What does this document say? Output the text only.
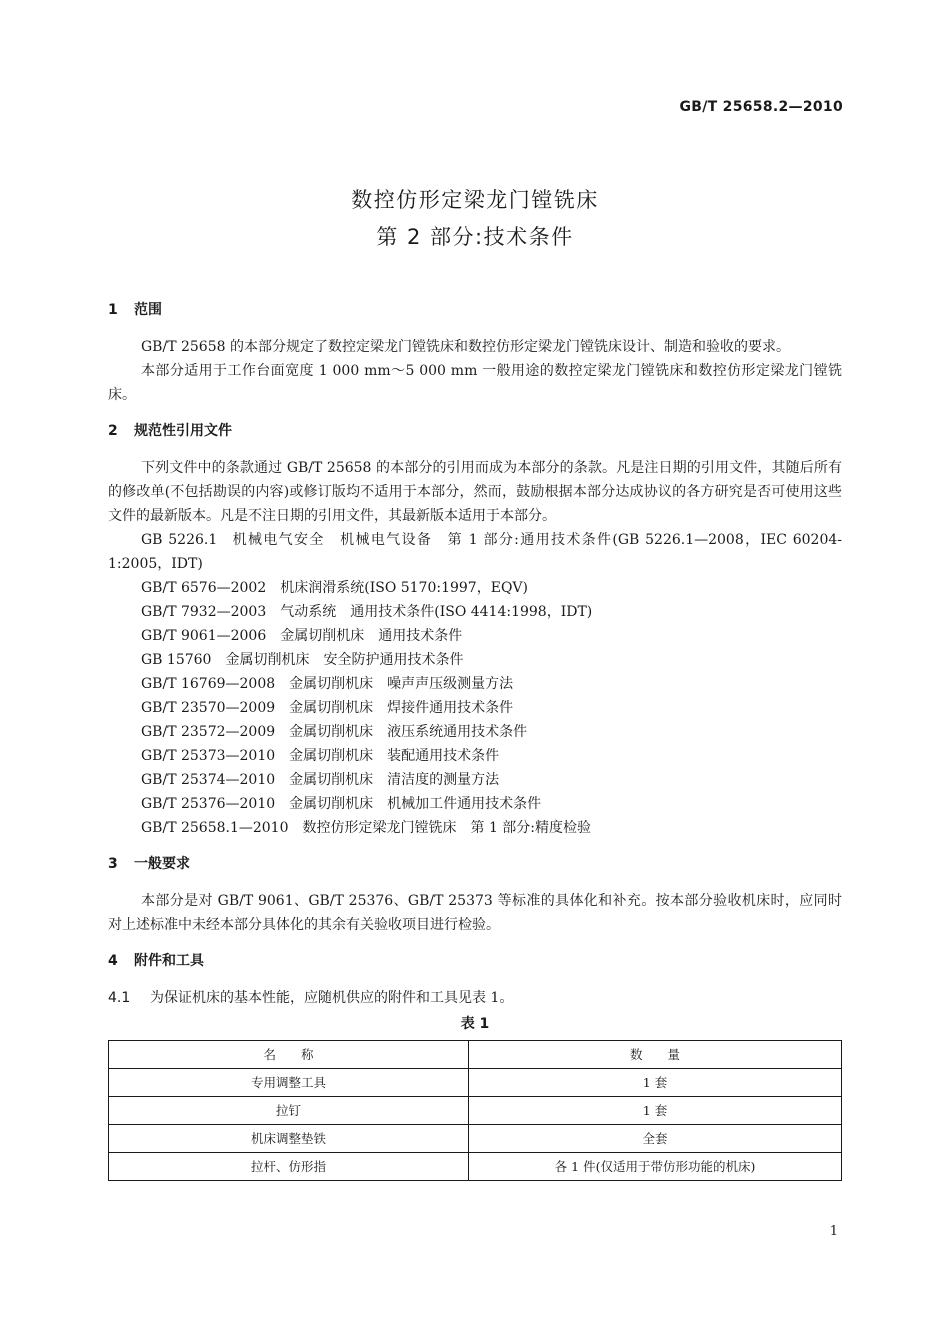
GB/T 25658.2—2010
数控仿形定梁龙门镗铣床
第 2 部分:技术条件
1 范围

GB/T 25658 的本部分规定了数控定梁龙门镗铣床和数控仿形定梁龙门镗铣床设计、制造和验收的要求。

本部分适用于工作台面宽度 1 000 mm～5 000 mm 一般用途的数控定梁龙门镗铣床和数控仿形定梁龙门镗铣床。

2 规范性引用文件

下列文件中的条款通过 GB/T 25658 的本部分的引用而成为本部分的条款。凡是注日期的引用文件，其随后所有的修改单(不包括勘误的内容)或修订版均不适用于本部分，然而，鼓励根据本部分达成协议的各方研究是否可使用这些文件的最新版本。凡是不注日期的引用文件，其最新版本适用于本部分。

GB 5226.1 机械电气安全　机械电气设备　第 1 部分:通用技术条件(GB 5226.1—2008，IEC 60204-1:2005，IDT)

GB/T 6576—2002 机床润滑系统(ISO 5170:1997，EQV)

GB/T 7932—2003 气动系统　通用技术条件(ISO 4414:1998，IDT)

GB/T 9061—2006 金属切削机床　通用技术条件

GB 15760 金属切削机床　安全防护通用技术条件

GB/T 16769—2008 金属切削机床　噪声声压级测量方法

GB/T 23570—2009 金属切削机床　焊接件通用技术条件

GB/T 23572—2009 金属切削机床　液压系统通用技术条件

GB/T 25373—2010 金属切削机床　装配通用技术条件

GB/T 25374—2010 金属切削机床　清洁度的测量方法

GB/T 25376—2010 金属切削机床　机械加工件通用技术条件

GB/T 25658.1—2010 数控仿形定梁龙门镗铣床　第 1 部分:精度检验

3 一般要求

本部分是对 GB/T 9061、GB/T 25376、GB/T 25373 等标准的具体化和补充。按本部分验收机床时，应同时对上述标准中未经本部分具体化的其余有关验收项目进行检验。

4 附件和工具

4.1 为保证机床的基本性能，应随机供应的附件和工具见表 1。

表 1
名　　称	数　　量
专用调整工具	1 套
拉钉	1 套
机床调整垫铁	全套
拉杆、仿形指	各 1 件(仅适用于带仿形功能的机床)
1
